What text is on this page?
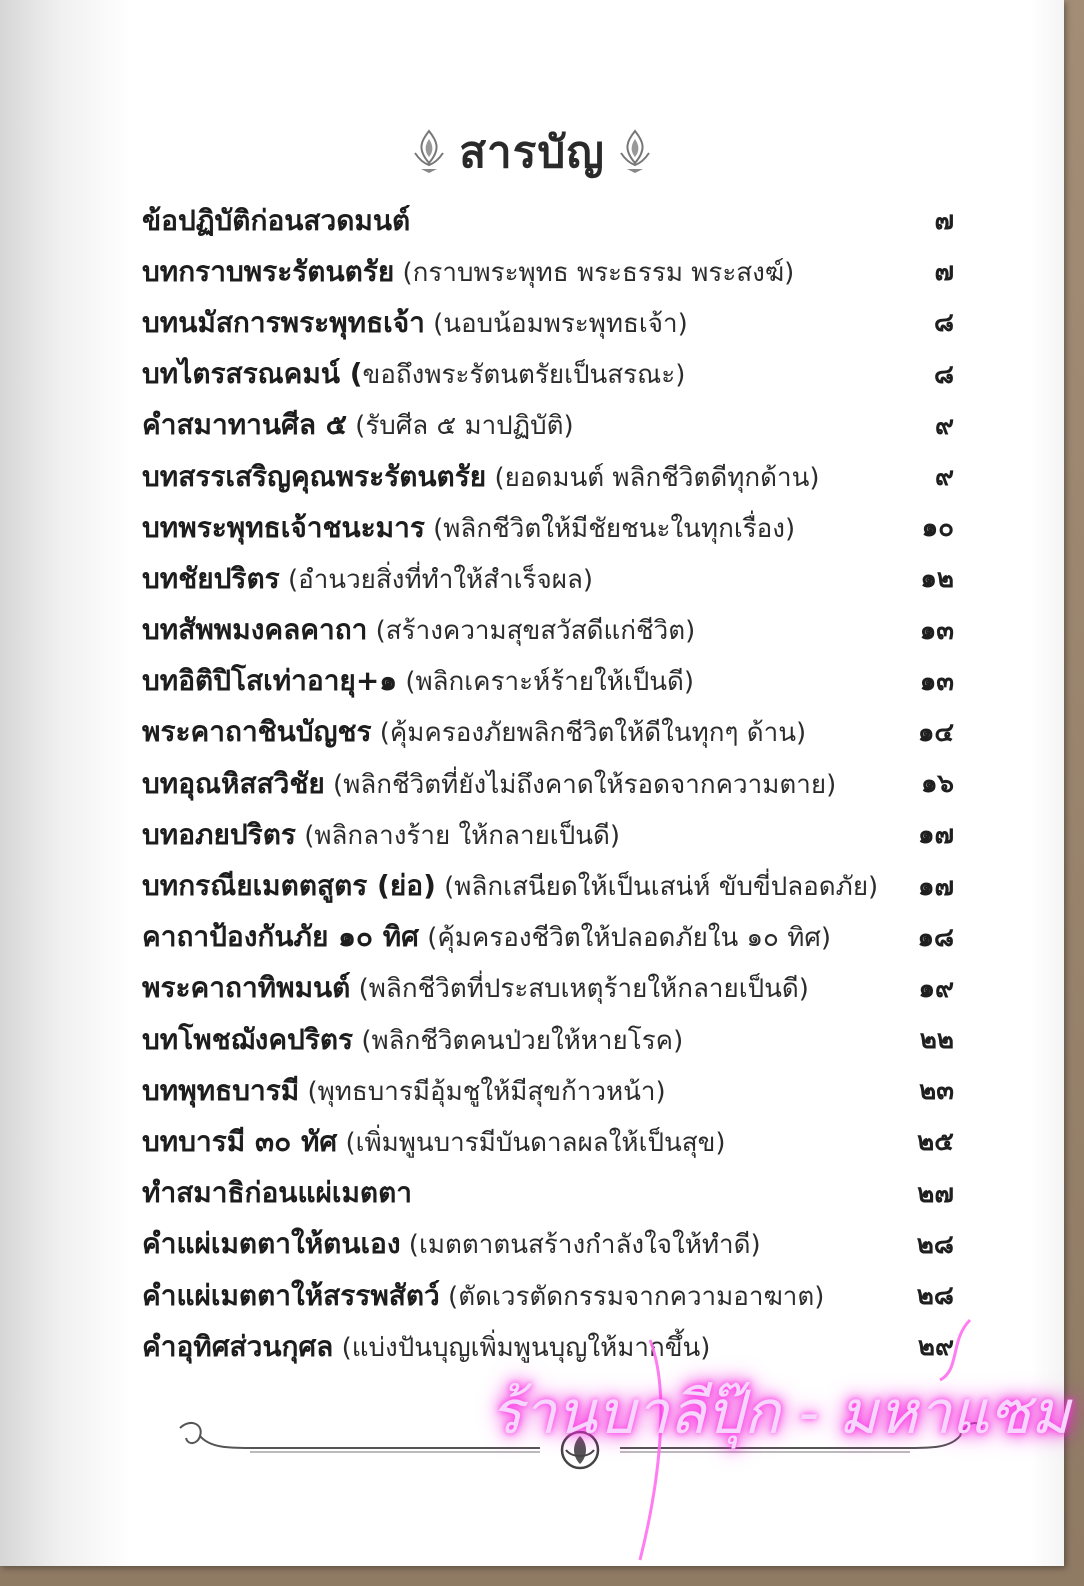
สารบัญ
ข้อปฏิบัติก่อนสวดมนต์	๗
บทกราบพระรัตนตรัย (กราบพระพุทธ พระธรรม พระสงฆ์)	๗
บทนมัสการพระพุทธเจ้า (นอบน้อมพระพุทธเจ้า)	๘
บทไตรสรณคมน์ (ขอถึงพระรัตนตรัยเป็นสรณะ)	๘
คำสมาทานศีล ๕ (รับศีล ๕ มาปฏิบัติ)	๙
บทสรรเสริญคุณพระรัตนตรัย (ยอดมนต์ พลิกชีวิตดีทุกด้าน)	๙
บทพระพุทธเจ้าชนะมาร (พลิกชีวิตให้มีชัยชนะในทุกเรื่อง)	๑๐
บทชัยปริตร (อำนวยสิ่งที่ทำให้สำเร็จผล)	๑๒
บทสัพพมงคลคาถา (สร้างความสุขสวัสดีแก่ชีวิต)	๑๓
บทอิติปิโสเท่าอายุ+๑ (พลิกเคราะห์ร้ายให้เป็นดี)	๑๓
พระคาถาชินบัญชร (คุ้มครองภัยพลิกชีวิตให้ดีในทุกๆ ด้าน)	๑๔
บทอุณหิสสวิชัย (พลิกชีวิตที่ยังไม่ถึงคาดให้รอดจากความตาย)	๑๖
บทอภยปริตร (พลิกลางร้าย ให้กลายเป็นดี)	๑๗
บทกรณียเมตตสูตร (ย่อ) (พลิกเสนียดให้เป็นเสน่ห์ ขับขี่ปลอดภัย)	๑๗
คาถาป้องกันภัย ๑๐ ทิศ (คุ้มครองชีวิตให้ปลอดภัยใน ๑๐ ทิศ)	๑๘
พระคาถาทิพมนต์ (พลิกชีวิตที่ประสบเหตุร้ายให้กลายเป็นดี)	๑๙
บทโพชฌังคปริตร (พลิกชีวิตคนป่วยให้หายโรค)	๒๒
บทพุทธบารมี (พุทธบารมีอุ้มชูให้มีสุขก้าวหน้า)	๒๓
บทบารมี ๓๐ ทัศ (เพิ่มพูนบารมีบันดาลผลให้เป็นสุข)	๒๕
ทำสมาธิก่อนแผ่เมตตา	๒๗
คำแผ่เมตตาให้ตนเอง (เมตตาตนสร้างกำลังใจให้ทำดี)	๒๘
คำแผ่เมตตาให้สรรพสัตว์ (ตัดเวรตัดกรรมจากความอาฆาต)	๒๘
คำอุทิศส่วนกุศล (แบ่งปันบุญเพิ่มพูนบุญให้มากขึ้น)	๒๙
ร้านบาลีปุ๊ก - มหาแซม
